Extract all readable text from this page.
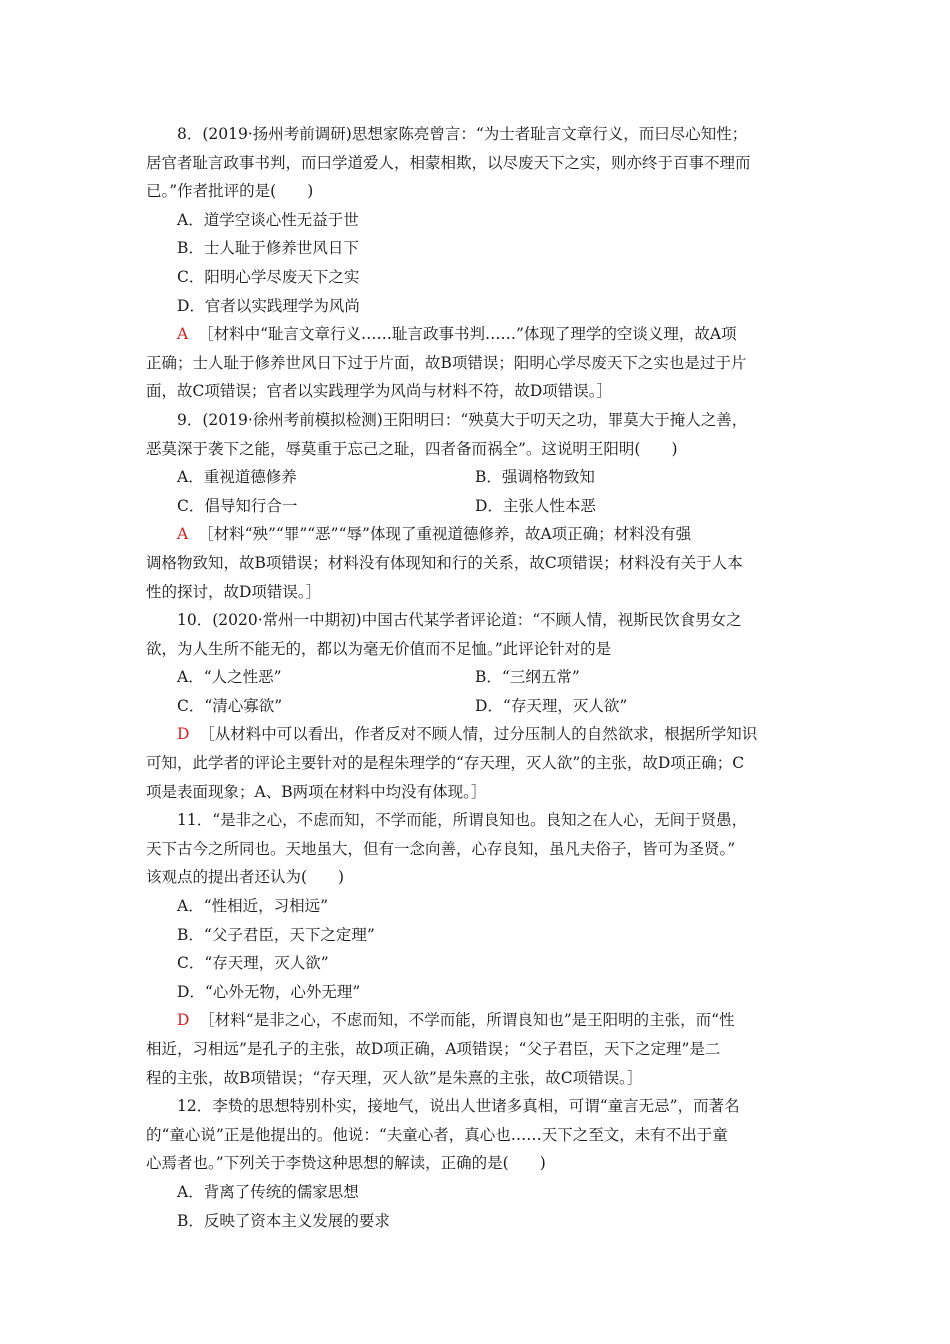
8．(2019·扬州考前调研)思想家陈亮曾言：“为士者耻言文章行义，而曰尽心知性；
居官者耻言政事书判，而曰学道爱人，相蒙相欺，以尽废天下之实，则亦终于百事不理而
已。”作者批评的是(　　)
A．道学空谈心性无益于世
B．士人耻于修养世风日下
C．阳明心学尽废天下之实
D．官者以实践理学为风尚
A ［材料中“耻言文章行义……耻言政事书判……”体现了理学的空谈义理，故A项
正确；士人耻于修养世风日下过于片面，故B项错误；阳明心学尽废天下之实也是过于片
面，故C项错误；官者以实践理学为风尚与材料不符，故D项错误。］
9．(2019·徐州考前模拟检测)王阳明曰：“殃莫大于叨天之功，罪莫大于掩人之善，
恶莫深于袭下之能，辱莫重于忘己之耻，四者备而祸全”。这说明王阳明(　　)
A．重视道德修养	B．强调格物致知
C．倡导知行合一	D．主张人性本恶
A ［材料“殃”“罪”“恶”“辱”体现了重视道德修养，故A项正确；材料没有强
调格物致知，故B项错误；材料没有体现知和行的关系，故C项错误；材料没有关于人本
性的探讨，故D项错误。］
10．(2020·常州一中期初)中国古代某学者评论道：“不顾人情，视斯民饮食男女之
欲，为人生所不能无的，都以为毫无价值而不足恤。”此评论针对的是
A．“人之性恶”	B．“三纲五常”
C．“清心寡欲”	D．“存天理，灭人欲”
D ［从材料中可以看出，作者反对不顾人情，过分压制人的自然欲求，根据所学知识
可知，此学者的评论主要针对的是程朱理学的“存天理，灭人欲”的主张，故D项正确；C
项是表面现象；A、B两项在材料中均没有体现。］
11．“是非之心，不虑而知，不学而能，所谓良知也。良知之在人心，无间于贤愚，
天下古今之所同也。天地虽大，但有一念向善，心存良知，虽凡夫俗子，皆可为圣贤。”
该观点的提出者还认为(　　)
A．“性相近，习相远”
B．“父子君臣，天下之定理”
C．“存天理，灭人欲”
D．“心外无物，心外无理”
D ［材料“是非之心，不虑而知，不学而能，所谓良知也”是王阳明的主张，而“性
相近，习相远”是孔子的主张，故D项正确，A项错误；“父子君臣，天下之定理”是二
程的主张，故B项错误；“存天理，灭人欲”是朱熹的主张，故C项错误。］
12．李贽的思想特别朴实，接地气，说出人世诸多真相，可谓“童言无忌”，而著名
的“童心说”正是他提出的。他说：“夫童心者，真心也……天下之至文，未有不出于童
心焉者也。”下列关于李贽这种思想的解读，正确的是(　　)
A．背离了传统的儒家思想
B．反映了资本主义发展的要求
